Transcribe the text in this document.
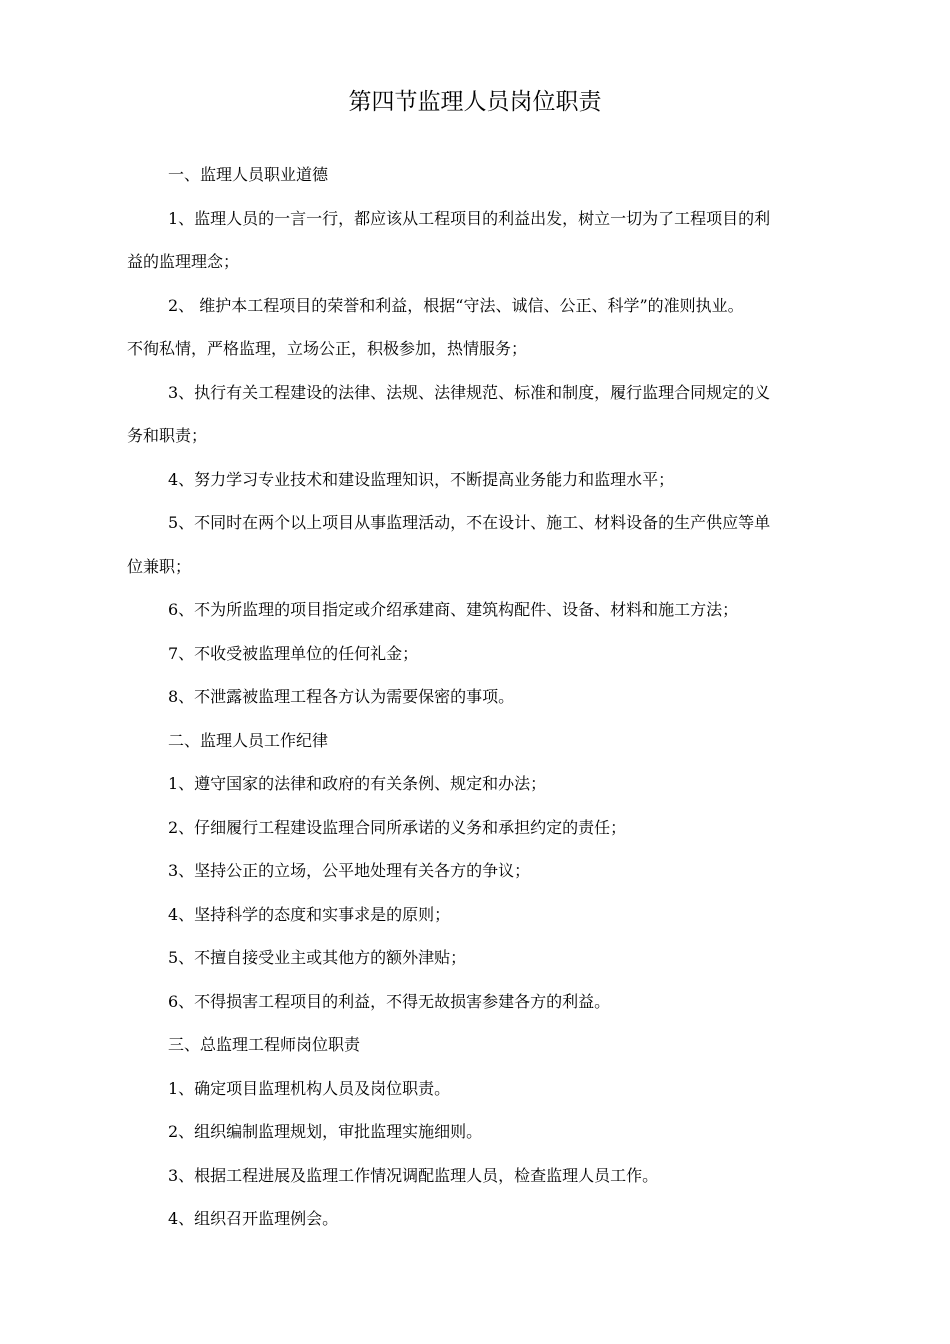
第四节监理人员岗位职责

一、监理人员职业道德

1、监理人员的一言一行，都应该从工程项目的利益出发，树立一切为了工程项目的利
益的监理理念；

2、 维护本工程项目的荣誉和利益，根据“守法、诚信、公正、科学”的准则执业。
不徇私情，严格监理，立场公正，积极参加，热情服务；

3、执行有关工程建设的法律、法规、法律规范、标准和制度，履行监理合同规定的义
务和职责；

4、努力学习专业技术和建设监理知识，不断提高业务能力和监理水平；

5、不同时在两个以上项目从事监理活动，不在设计、施工、材料设备的生产供应等单
位兼职；

6、不为所监理的项目指定或介绍承建商、建筑构配件、设备、材料和施工方法；

7、不收受被监理单位的任何礼金；

8、不泄露被监理工程各方认为需要保密的事项。

二、监理人员工作纪律

1、遵守国家的法律和政府的有关条例、规定和办法；

2、仔细履行工程建设监理合同所承诺的义务和承担约定的责任；

3、坚持公正的立场，公平地处理有关各方的争议；

4、坚持科学的态度和实事求是的原则；

5、不擅自接受业主或其他方的额外津贴；

6、不得损害工程项目的利益，不得无故损害参建各方的利益。

三、总监理工程师岗位职责

1、确定项目监理机构人员及岗位职责。

2、组织编制监理规划，审批监理实施细则。

3、根据工程进展及监理工作情况调配监理人员，检查监理人员工作。

4、组织召开监理例会。
